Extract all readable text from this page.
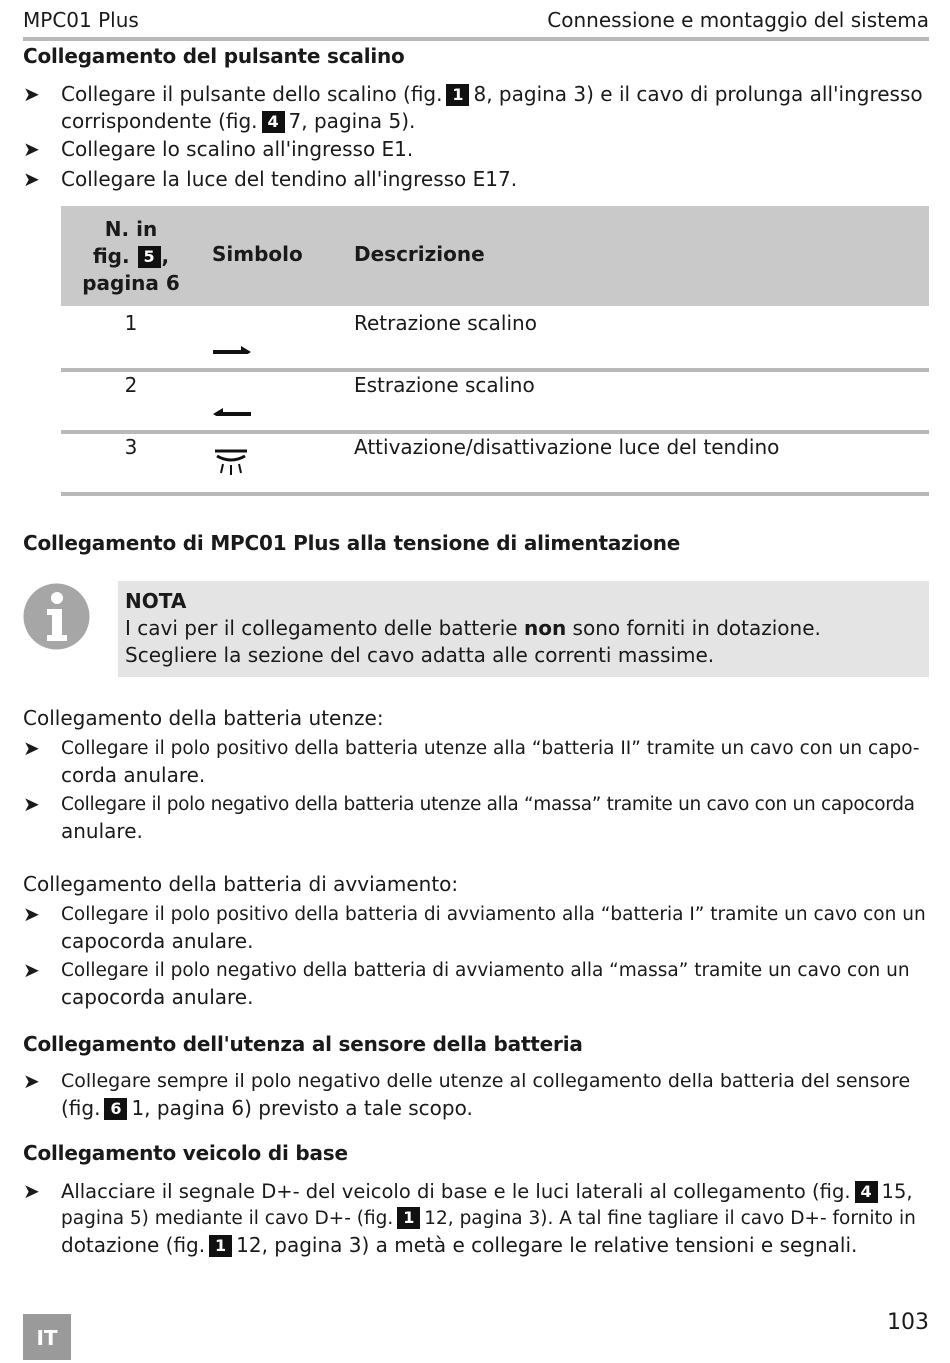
MPC01 Plus	Connessione e montaggio del sistema
Collegamento del pulsante scalino
➤ Collegare il pulsante dello scalino (fig. 1 8, pagina 3) e il cavo di prolunga all'ingresso
corrispondente (fig. 4 7, pagina 5).
➤ Collegare lo scalino all'ingresso E1.
➤ Collegare la luce del tendino all'ingresso E17.
N. in
fig. 5 ,
pagina 6
Simbolo	Descrizione
1	Retrazione scalino
2	Estrazione scalino
3	Attivazione/disattivazione luce del tendino
Collegamento di MPC01 Plus alla tensione di alimentazione
NOTA
I cavi per il collegamento delle batterie non sono forniti in dotazione.
Scegliere la sezione del cavo adatta alle correnti massime.
Collegamento della batteria utenze:
➤ Collegare il polo positivo della batteria utenze alla “batteria II” tramite un cavo con un capo-
corda anulare.
➤ Collegare il polo negativo della batteria utenze alla “massa” tramite un cavo con un capocorda
anulare.
Collegamento della batteria di avviamento:
➤ Collegare il polo positivo della batteria di avviamento alla “batteria I” tramite un cavo con un
capocorda anulare.
➤ Collegare il polo negativo della batteria di avviamento alla “massa” tramite un cavo con un
capocorda anulare.
Collegamento dell'utenza al sensore della batteria
➤ Collegare sempre il polo negativo delle utenze al collegamento della batteria del sensore
(fig. 6 1, pagina 6) previsto a tale scopo.
Collegamento veicolo di base
➤ Allacciare il segnale D+- del veicolo di base e le luci laterali al collegamento (fig. 4 15,
pagina 5) mediante il cavo D+- (fig. 1 12, pagina 3). A tal fine tagliare il cavo D+- fornito in
dotazione (fig. 1 12, pagina 3) a metà e collegare le relative tensioni e segnali.
IT
103
